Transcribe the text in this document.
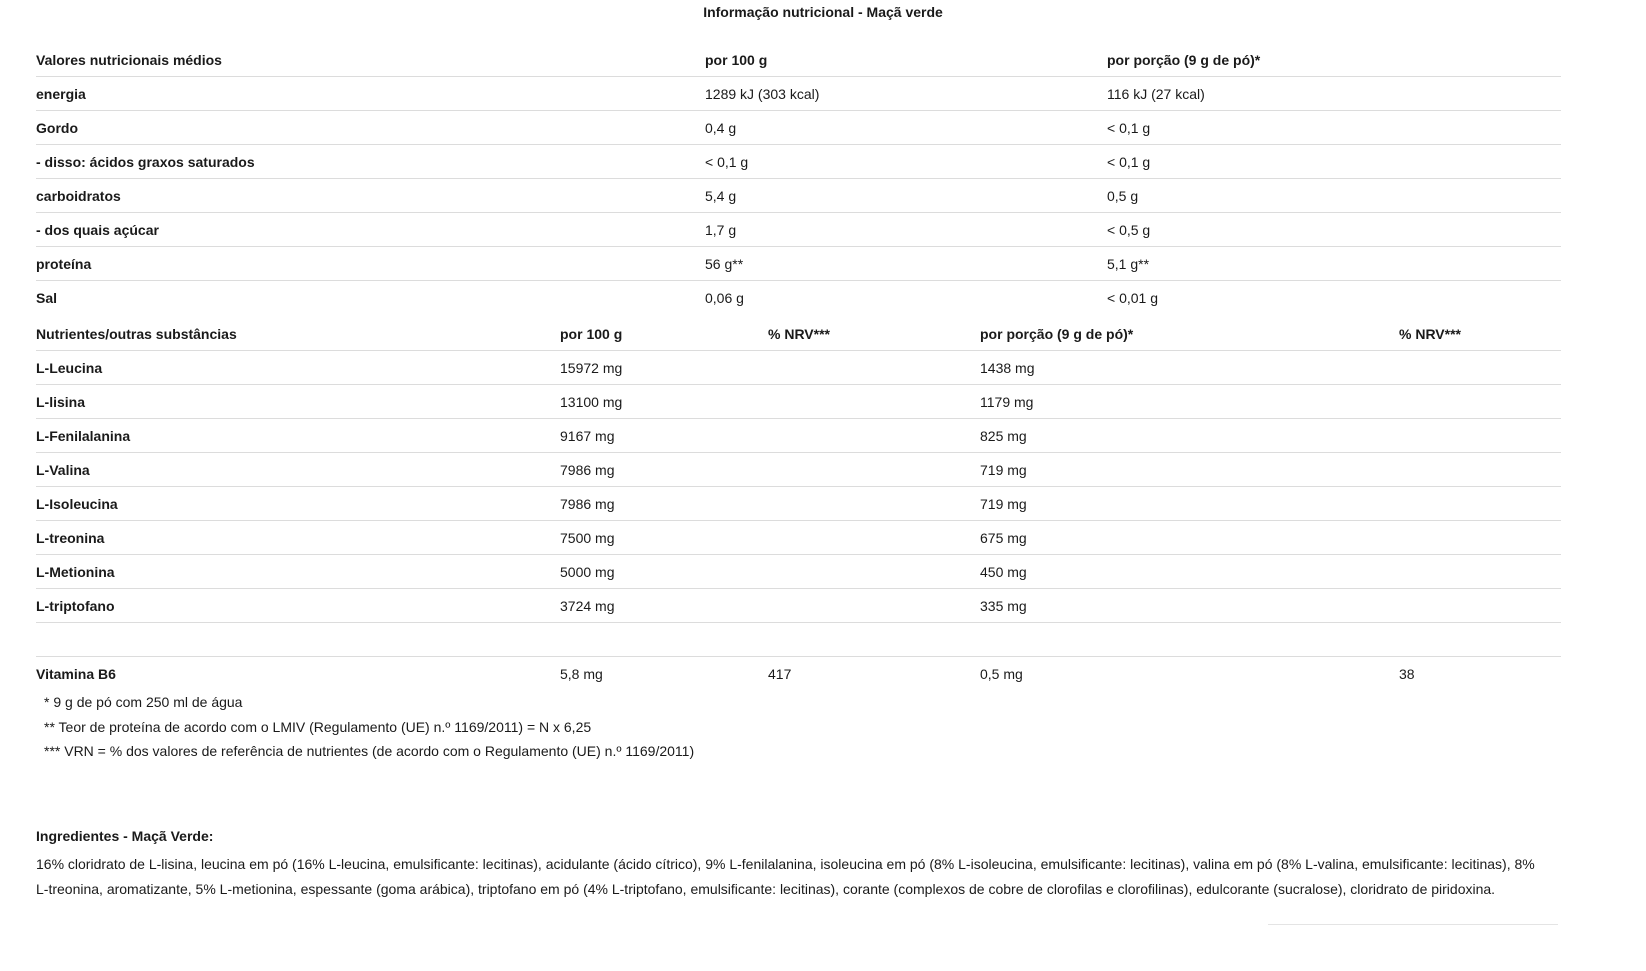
Informação nutricional - Maçã verde
Valores nutricionais médios	por 100 g	por porção (9 g de pó)*
energia	1289 kJ (303 kcal)	116 kJ (27 kcal)
Gordo	0,4 g	< 0,1 g
- disso: ácidos graxos saturados	< 0,1 g	< 0,1 g
carboidratos	5,4 g	0,5 g
- dos quais açúcar	1,7 g	< 0,5 g
proteína	56 g**	5,1 g**
Sal	0,06 g	< 0,01 g
Nutrientes/outras substâncias	por 100 g	% NRV***	por porção (9 g de pó)*	% NRV***
L-Leucina	15972 mg		1438 mg	
L-lisina	13100 mg		1179 mg	
L-Fenilalanina	9167 mg		825 mg	
L-Valina	7986 mg		719 mg	
L-Isoleucina	7986 mg		719 mg	
L-treonina	7500 mg		675 mg	
L-Metionina	5000 mg		450 mg	
L-triptofano	3724 mg		335 mg	

Vitamina B6	5,8 mg	417	0,5 mg	38
* 9 g de pó com 250 ml de água
** Teor de proteína de acordo com o LMIV (Regulamento (UE) n.º 1169/2011) = N x 6,25
*** VRN = % dos valores de referência de nutrientes (de acordo com o Regulamento (UE) n.º 1169/2011)
Ingredientes - Maçã Verde:
16% cloridrato de L-lisina, leucina em pó (16% L-leucina, emulsificante: lecitinas), acidulante (ácido cítrico), 9% L-fenilalanina, isoleucina em pó (8% L-isoleucina, emulsificante: lecitinas), valina em pó (8% L-valina, emulsificante: lecitinas), 8% L-treonina, aromatizante, 5% L-metionina, espessante (goma arábica), triptofano em pó (4% L-triptofano, emulsificante: lecitinas), corante (complexos de cobre de clorofilas e clorofilinas), edulcorante (sucralose), cloridrato de piridoxina.
